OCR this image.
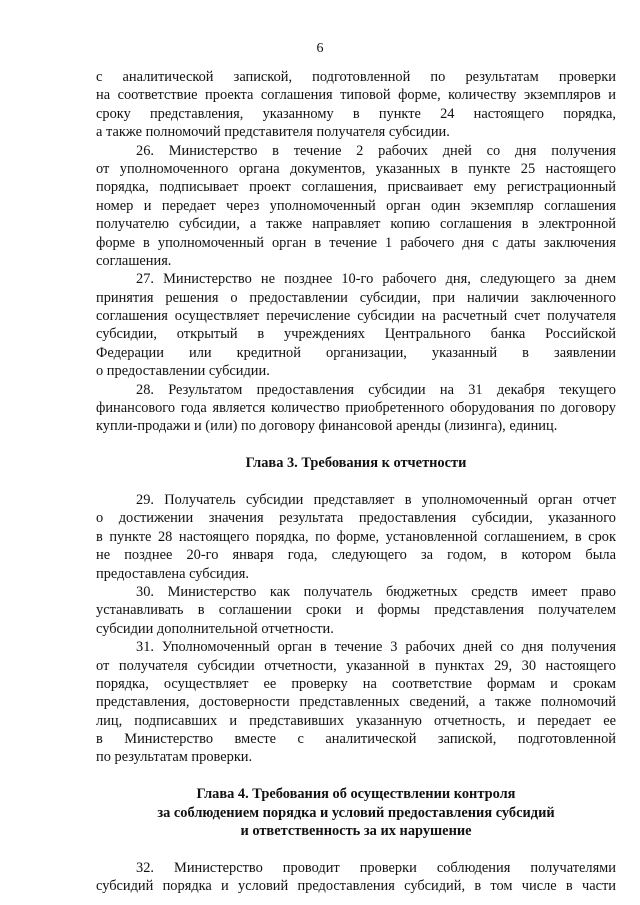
6
с аналитической запиской, подготовленной по результатам проверки
на соответствие проекта соглашения типовой форме, количеству экземпляров и
сроку представления, указанному в пункте 24 настоящего порядка,
а также полномочий представителя получателя субсидии.
26. Министерство в течение 2 рабочих дней со дня получения
от уполномоченного органа документов, указанных в пункте 25 настоящего
порядка, подписывает проект соглашения, присваивает ему регистрационный
номер и передает через уполномоченный орган один экземпляр соглашения
получателю субсидии, а также направляет копию соглашения в электронной
форме в уполномоченный орган в течение 1 рабочего дня с даты заключения
соглашения.
27. Министерство не позднее 10-го рабочего дня, следующего за днем
принятия решения о предоставлении субсидии, при наличии заключенного
соглашения осуществляет перечисление субсидии на расчетный счет получателя
субсидии, открытый в учреждениях Центрального банка Российской
Федерации или кредитной организации, указанный в заявлении
о предоставлении субсидии.
28. Результатом предоставления субсидии на 31 декабря текущего
финансового года является количество приобретенного оборудования по договору
купли-продажи и (или) по договору финансовой аренды (лизинга), единиц.
Глава 3. Требования к отчетности
29. Получатель субсидии представляет в уполномоченный орган отчет
о достижении значения результата предоставления субсидии, указанного
в пункте 28 настоящего порядка, по форме, установленной соглашением, в срок
не позднее 20-го января года, следующего за годом, в котором была
предоставлена субсидия.
30. Министерство как получатель бюджетных средств имеет право
устанавливать в соглашении сроки и формы представления получателем
субсидии дополнительной отчетности.
31. Уполномоченный орган в течение 3 рабочих дней со дня получения
от получателя субсидии отчетности, указанной в пунктах 29, 30 настоящего
порядка, осуществляет ее проверку на соответствие формам и срокам
представления, достоверности представленных сведений, а также полномочий
лиц, подписавших и представивших указанную отчетность, и передает ее
в Министерство вместе с аналитической запиской, подготовленной
по результатам проверки.
Глава 4. Требования об осуществлении контроля
за соблюдением порядка и условий предоставления субсидий
и ответственность за их нарушение
32. Министерство проводит проверки соблюдения получателями
субсидий порядка и условий предоставления субсидий, в том числе в части
